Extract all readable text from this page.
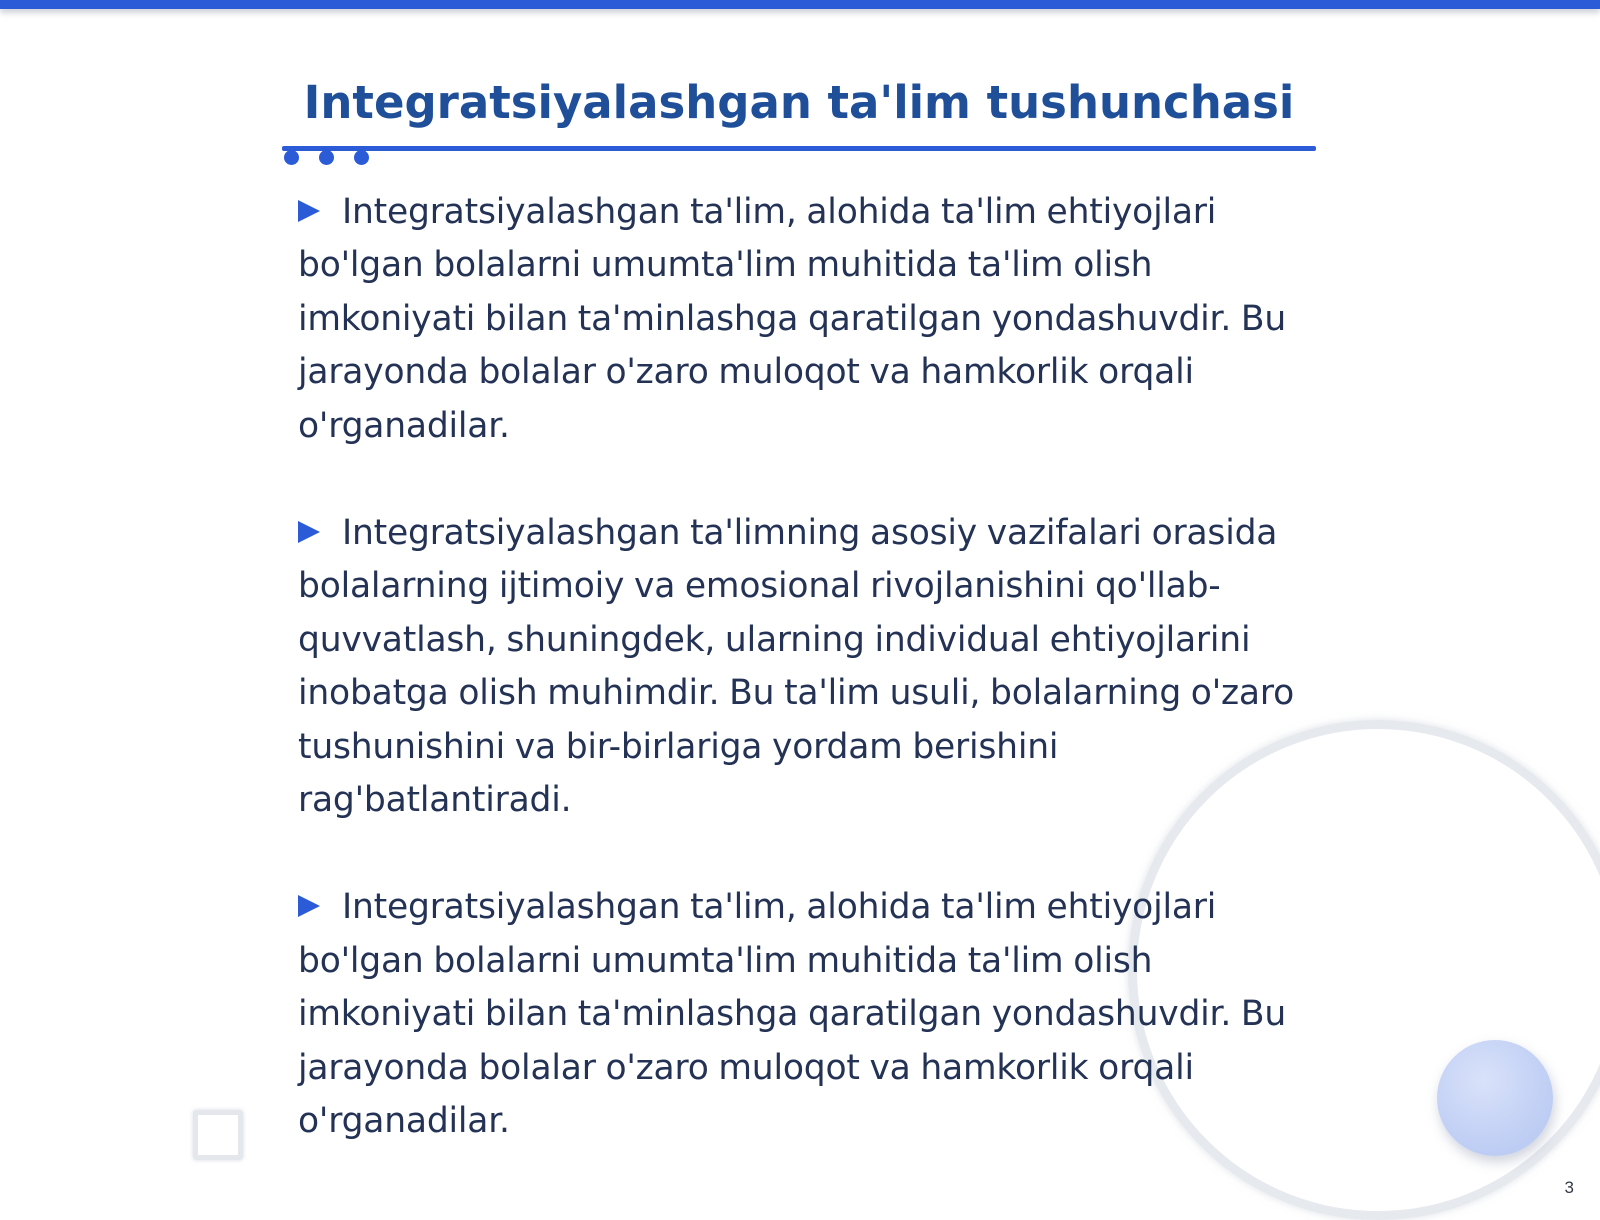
Integratsiyalashgan ta'lim tushunchasi

Integratsiyalashgan ta'lim, alohida ta'lim ehtiyojlari bo'lgan bolalarni umumta'lim muhitida ta'lim olish imkoniyati bilan ta'minlashga qaratilgan yondashuvdir. Bu jarayonda bolalar o'zaro muloqot va hamkorlik orqali o'rganadilar.

Integratsiyalashgan ta'limning asosiy vazifalari orasida bolalarning ijtimoiy va emosional rivojlanishini qo'llab-quvvatlash, shuningdek, ularning individual ehtiyojlarini inobatga olish muhimdir. Bu ta'lim usuli, bolalarning o'zaro tushunishini va bir-birlariga yordam berishini rag'batlantiradi.

Integratsiyalashgan ta'lim, alohida ta'lim ehtiyojlari bo'lgan bolalarni umumta'lim muhitida ta'lim olish imkoniyati bilan ta'minlashga qaratilgan yondashuvdir. Bu jarayonda bolalar o'zaro muloqot va hamkorlik orqali o'rganadilar.

3
